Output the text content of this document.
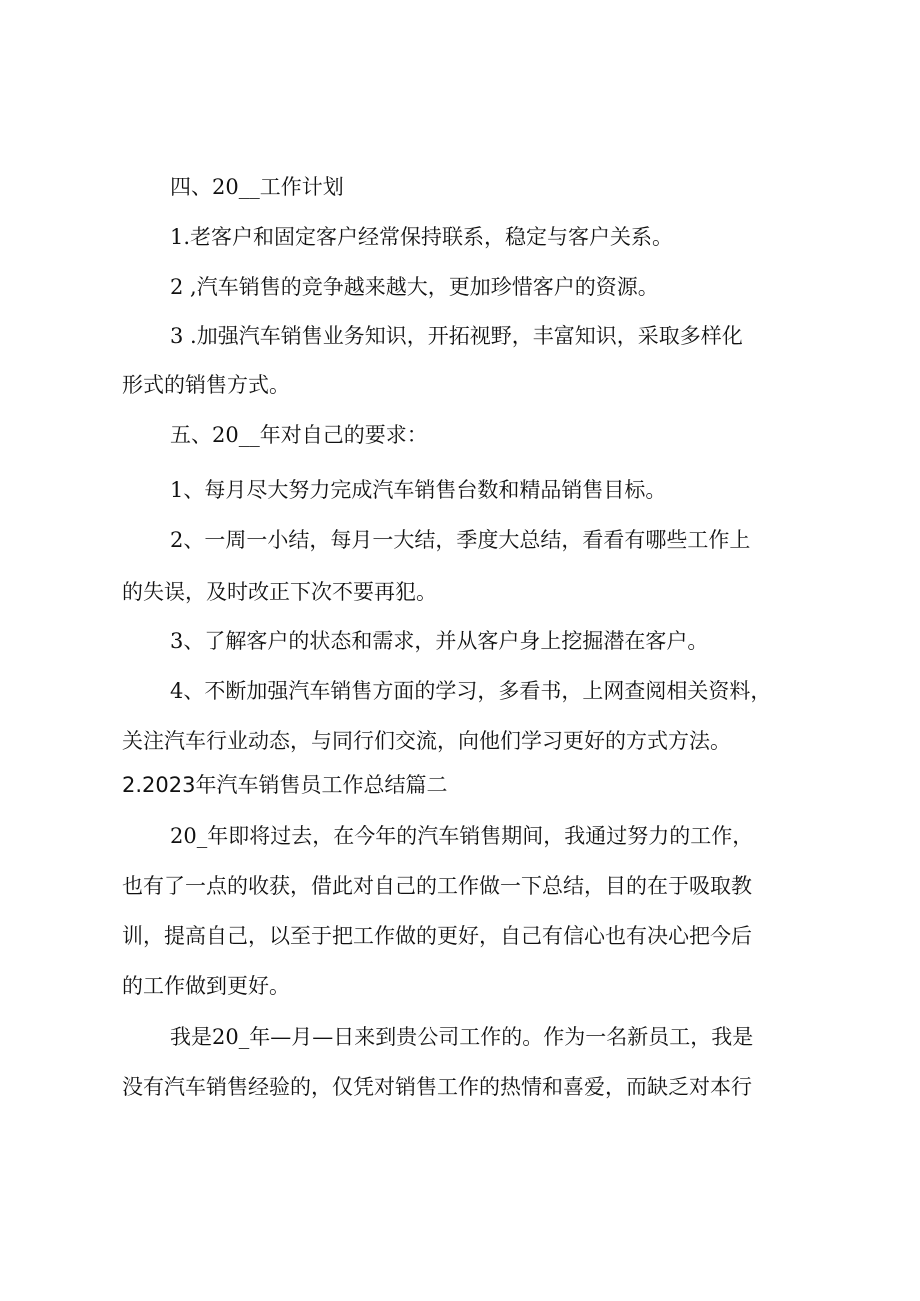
四、20__工作计划
1.老客户和固定客户经常保持联系，稳定与客户关系。
2 ,汽车销售的竞争越来越大，更加珍惜客户的资源。
3 .加强汽车销售业务知识，开拓视野，丰富知识，采取多样化
形式的销售方式。
五、20__年对自己的要求：
1、每月尽大努力完成汽车销售台数和精品销售目标。
2、一周一小结，每月一大结，季度大总结，看看有哪些工作上
的失误，及时改正下次不要再犯。
3、了解客户的状态和需求，并从客户身上挖掘潜在客户。
4、不断加强汽车销售方面的学习，多看书，上网查阅相关资料，
关注汽车行业动态，与同行们交流，向他们学习更好的方式方法。
2.2023年汽车销售员工作总结篇二
20_年即将过去，在今年的汽车销售期间，我通过努力的工作，
也有了一点的收获，借此对自己的工作做一下总结，目的在于吸取教
训，提高自己，以至于把工作做的更好，自己有信心也有决心把今后
的工作做到更好。
我是20_年—月—日来到贵公司工作的。作为一名新员工，我是
没有汽车销售经验的，仅凭对销售工作的热情和喜爱，而缺乏对本行
